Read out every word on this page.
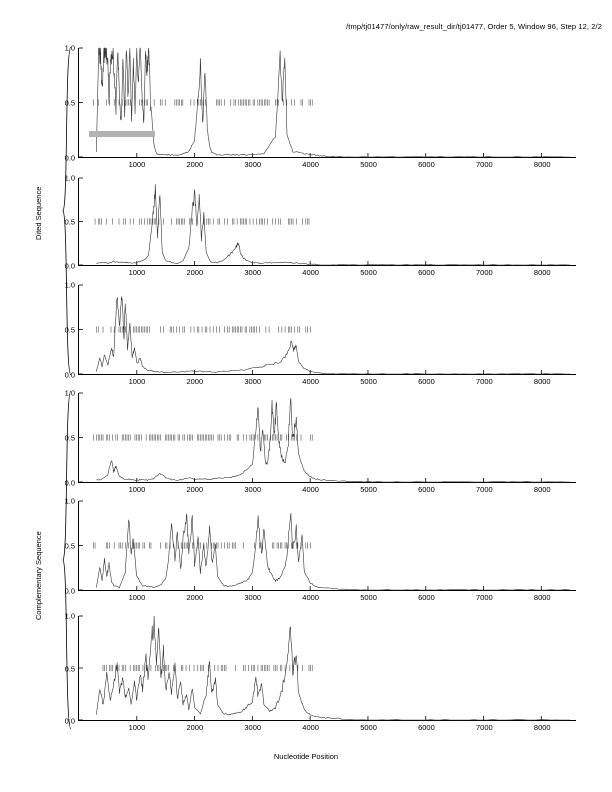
/tmp/tj01477/only/raw_result_dir/tj01477, Order 5, Window 96, Step 12, 2/2
Dited Sequence
Complementary Sequence
0.0
0.5
1.0
1000	2000	3000	4000	5000	6000	7000	8000
0.0
0.5
1.0
1000	2000	3000	4000	5000	6000	7000	8000
0.0
0.5
1.0
1000	2000	3000	4000	5000	6000	7000	8000
0.0
0.5
1.0
1000	2000	3000	4000	5000	6000	7000	8000
0.0
0.5
1.0
1000	2000	3000	4000	5000	6000	7000	8000
0.0
0.5
1.0
1000	2000	3000	4000	5000	6000	7000	8000
Nucleotide Position
